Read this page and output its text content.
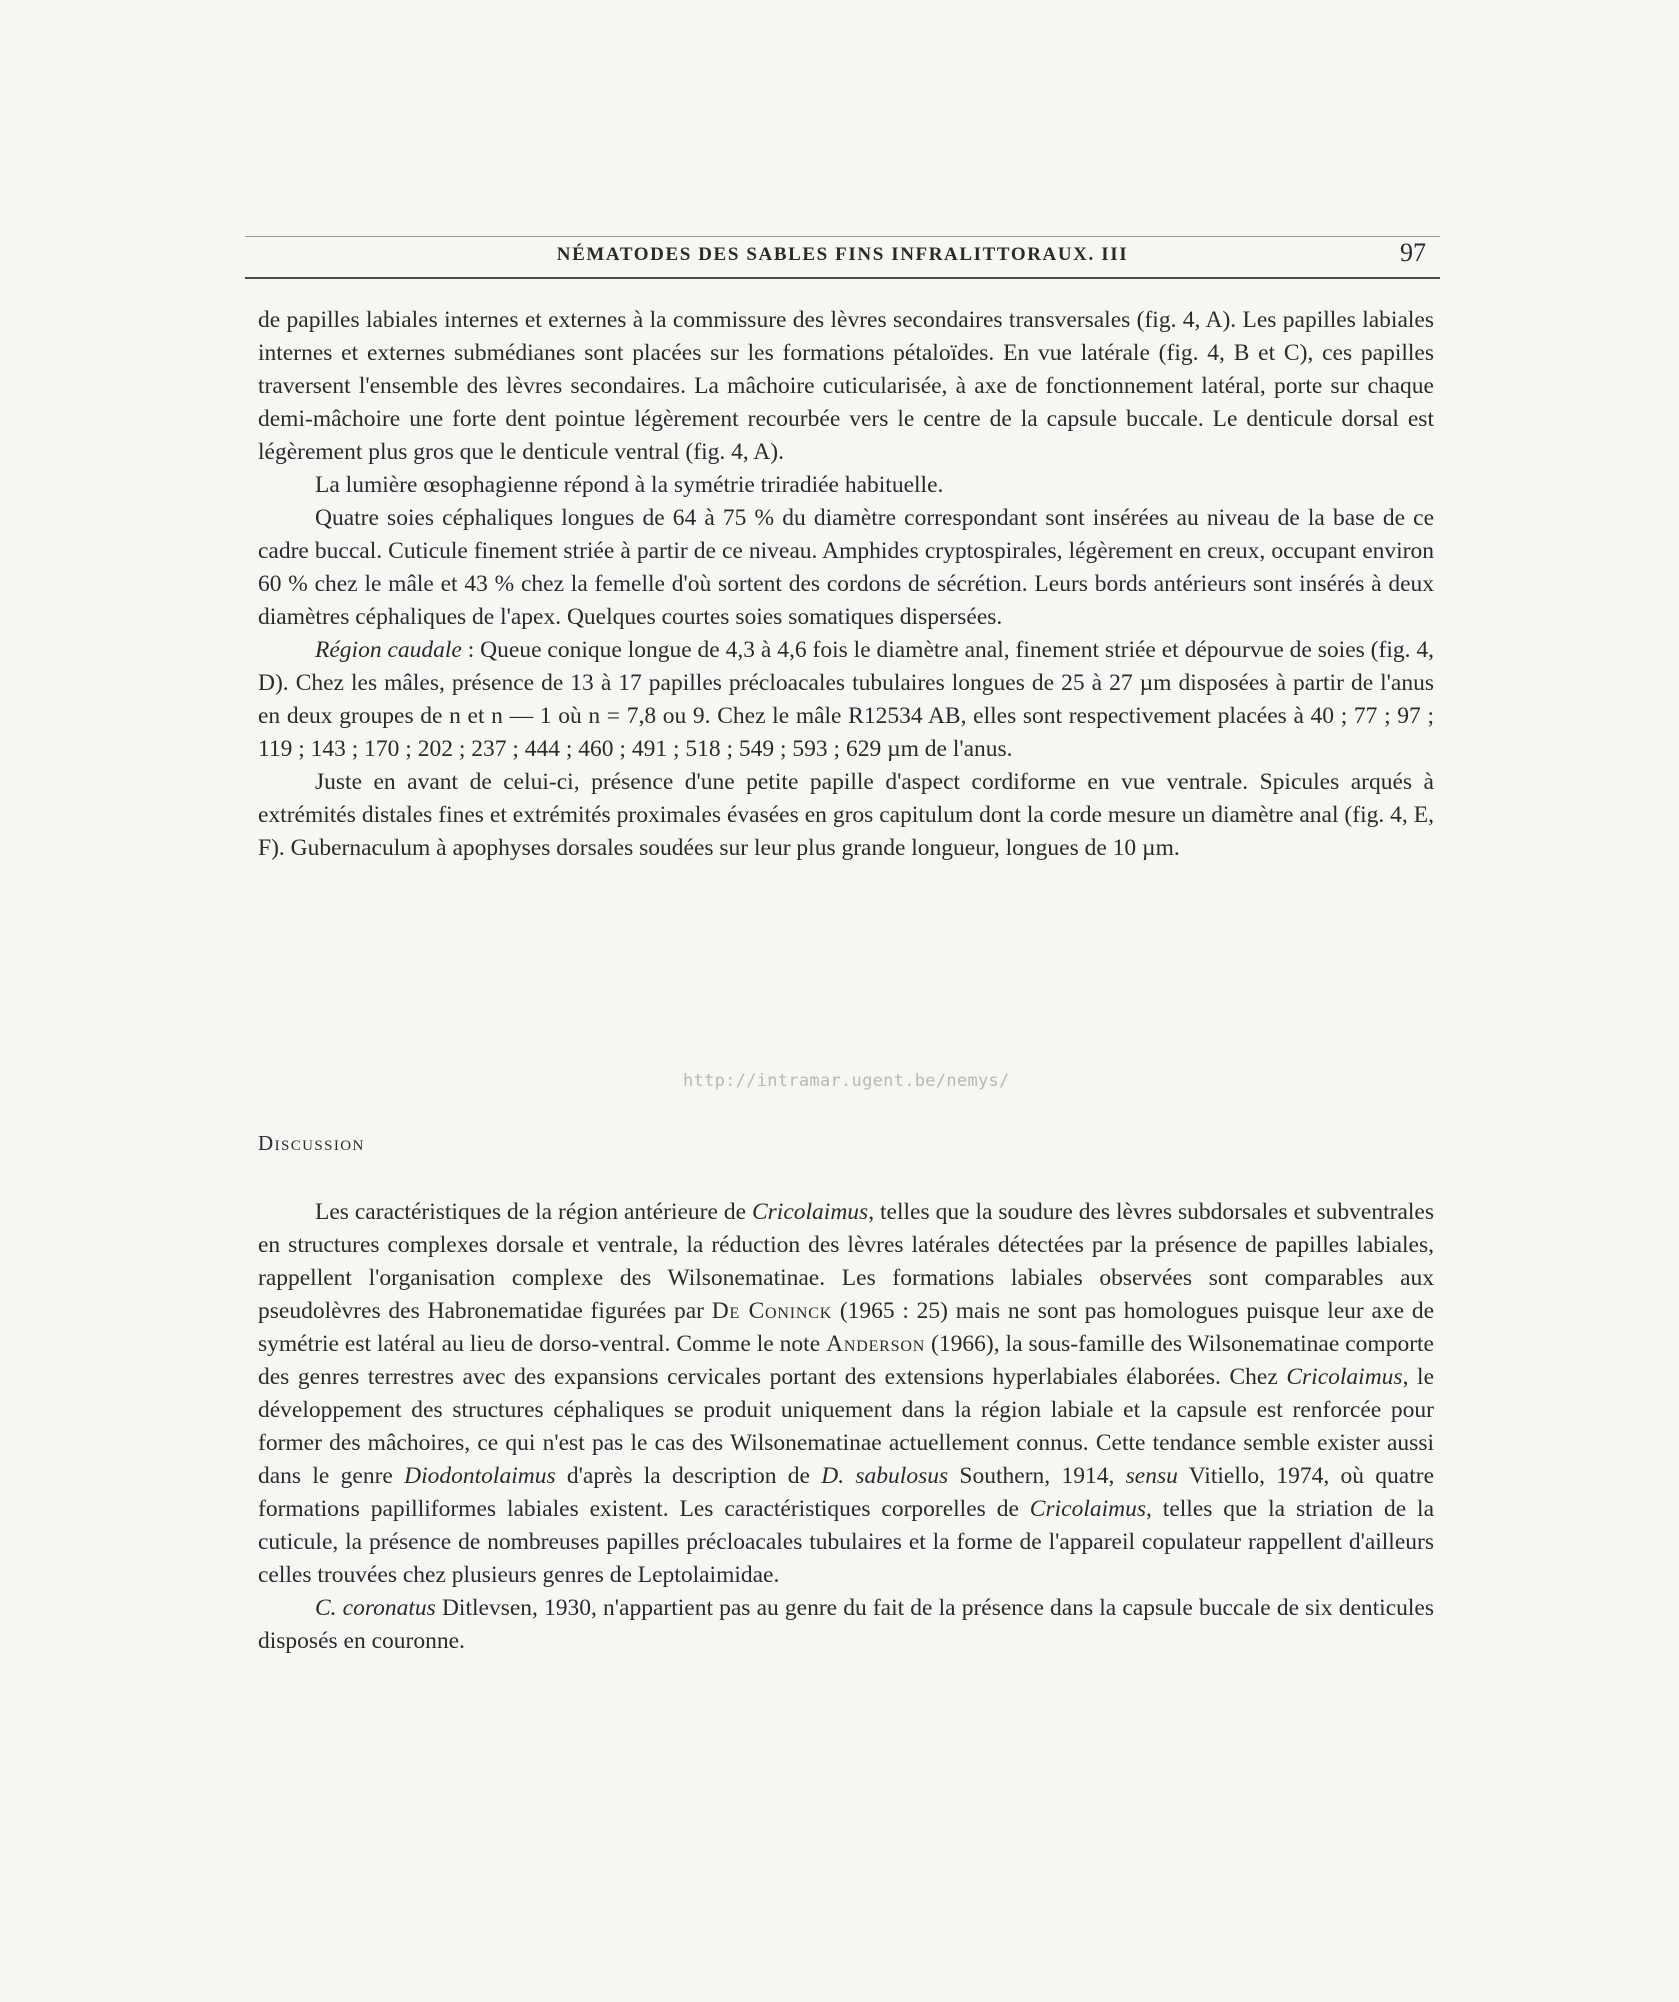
NÉMATODES DES SABLES FINS INFRALITTORAUX. III	97

de papilles labiales internes et externes à la commissure des lèvres secondaires transversales (fig. 4, A). Les papilles labiales internes et externes submédianes sont placées sur les formations pétaloïdes. En vue latérale (fig. 4, B et C), ces papilles traversent l'ensemble des lèvres secondaires. La mâchoire cuticularisée, à axe de fonctionnement latéral, porte sur chaque demi-mâchoire une forte dent pointue légèrement recourbée vers le centre de la capsule buccale. Le denticule dorsal est légèrement plus gros que le denticule ventral (fig. 4, A).

La lumière œsophagienne répond à la symétrie triradiée habituelle.

Quatre soies céphaliques longues de 64 à 75 % du diamètre correspondant sont insérées au niveau de la base de ce cadre buccal. Cuticule finement striée à partir de ce niveau. Amphides cryptospirales, légèrement en creux, occupant environ 60 % chez le mâle et 43 % chez la femelle d'où sortent des cordons de sécrétion. Leurs bords antérieurs sont insérés à deux diamètres céphaliques de l'apex. Quelques courtes soies somatiques dispersées.

Région caudale : Queue conique longue de 4,3 à 4,6 fois le diamètre anal, finement striée et dépourvue de soies (fig. 4, D). Chez les mâles, présence de 13 à 17 papilles précloacales tubulaires longues de 25 à 27 µm disposées à partir de l'anus en deux groupes de n et n — 1 où n = 7,8 ou 9. Chez le mâle R12534 AB, elles sont respectivement placées à 40 ; 77 ; 97 ; 119 ; 143 ; 170 ; 202 ; 237 ; 444 ; 460 ; 491 ; 518 ; 549 ; 593 ; 629 µm de l'anus.

Juste en avant de celui-ci, présence d'une petite papille d'aspect cordiforme en vue ventrale. Spicules arqués à extrémités distales fines et extrémités proximales évasées en gros capitulum dont la corde mesure un diamètre anal (fig. 4, E, F). Gubernaculum à apophyses dorsales soudées sur leur plus grande longueur, longues de 10 µm.

http://intramar.ugent.be/nemys/
Discussion

Les caractéristiques de la région antérieure de Cricolaimus, telles que la soudure des lèvres subdorsales et subventrales en structures complexes dorsale et ventrale, la réduction des lèvres latérales détectées par la présence de papilles labiales, rappellent l'organisation complexe des Wilsonematinae. Les formations labiales observées sont comparables aux pseudolèvres des Habronematidae figurées par De Coninck (1965 : 25) mais ne sont pas homologues puisque leur axe de symétrie est latéral au lieu de dorso-ventral. Comme le note Anderson (1966), la sous-famille des Wilsonematinae comporte des genres terrestres avec des expansions cervicales portant des extensions hyperlabiales élaborées. Chez Cricolaimus, le développement des structures céphaliques se produit uniquement dans la région labiale et la capsule est renforcée pour former des mâchoires, ce qui n'est pas le cas des Wilsonematinae actuellement connus. Cette tendance semble exister aussi dans le genre Diodontolaimus d'après la description de D. sabulosus Southern, 1914, sensu Vitiello, 1974, où quatre formations papilliformes labiales existent. Les caractéristiques corporelles de Cricolaimus, telles que la striation de la cuticule, la présence de nombreuses papilles précloacales tubulaires et la forme de l'appareil copulateur rappellent d'ailleurs celles trouvées chez plusieurs genres de Leptolaimidae.

C. coronatus Ditlevsen, 1930, n'appartient pas au genre du fait de la présence dans la capsule buccale de six denticules disposés en couronne.
